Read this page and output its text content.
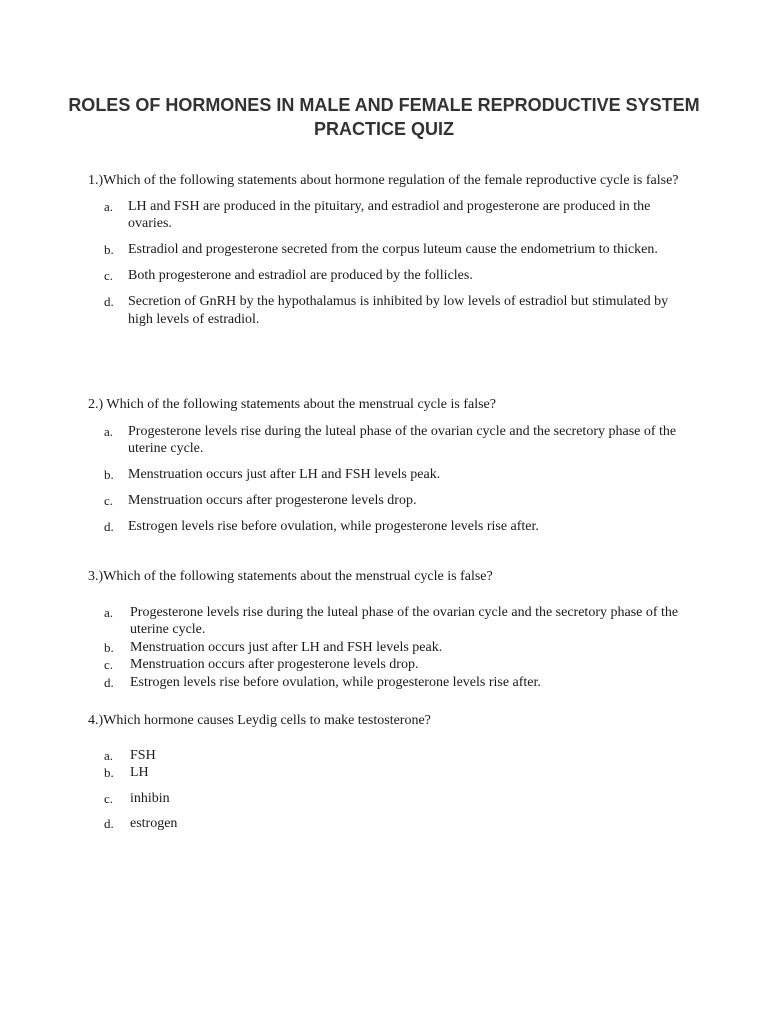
ROLES OF HORMONES IN MALE AND FEMALE REPRODUCTIVE SYSTEM PRACTICE QUIZ

1.)Which of the following statements about hormone regulation of the female reproductive cycle is false?

a. LH and FSH are produced in the pituitary, and estradiol and progesterone are produced in the ovaries.
b. Estradiol and progesterone secreted from the corpus luteum cause the endometrium to thicken.
c. Both progesterone and estradiol are produced by the follicles.
d. Secretion of GnRH by the hypothalamus is inhibited by low levels of estradiol but stimulated by high levels of estradiol.

2.) Which of the following statements about the menstrual cycle is false?

a. Progesterone levels rise during the luteal phase of the ovarian cycle and the secretory phase of the uterine cycle.
b. Menstruation occurs just after LH and FSH levels peak.
c. Menstruation occurs after progesterone levels drop.
d. Estrogen levels rise before ovulation, while progesterone levels rise after.

3.)Which of the following statements about the menstrual cycle is false?

a. Progesterone levels rise during the luteal phase of the ovarian cycle and the secretory phase of the uterine cycle.
b. Menstruation occurs just after LH and FSH levels peak.
c. Menstruation occurs after progesterone levels drop.
d. Estrogen levels rise before ovulation, while progesterone levels rise after.

4.)Which hormone causes Leydig cells to make testosterone?

a. FSH
b. LH
c. inhibin
d. estrogen
